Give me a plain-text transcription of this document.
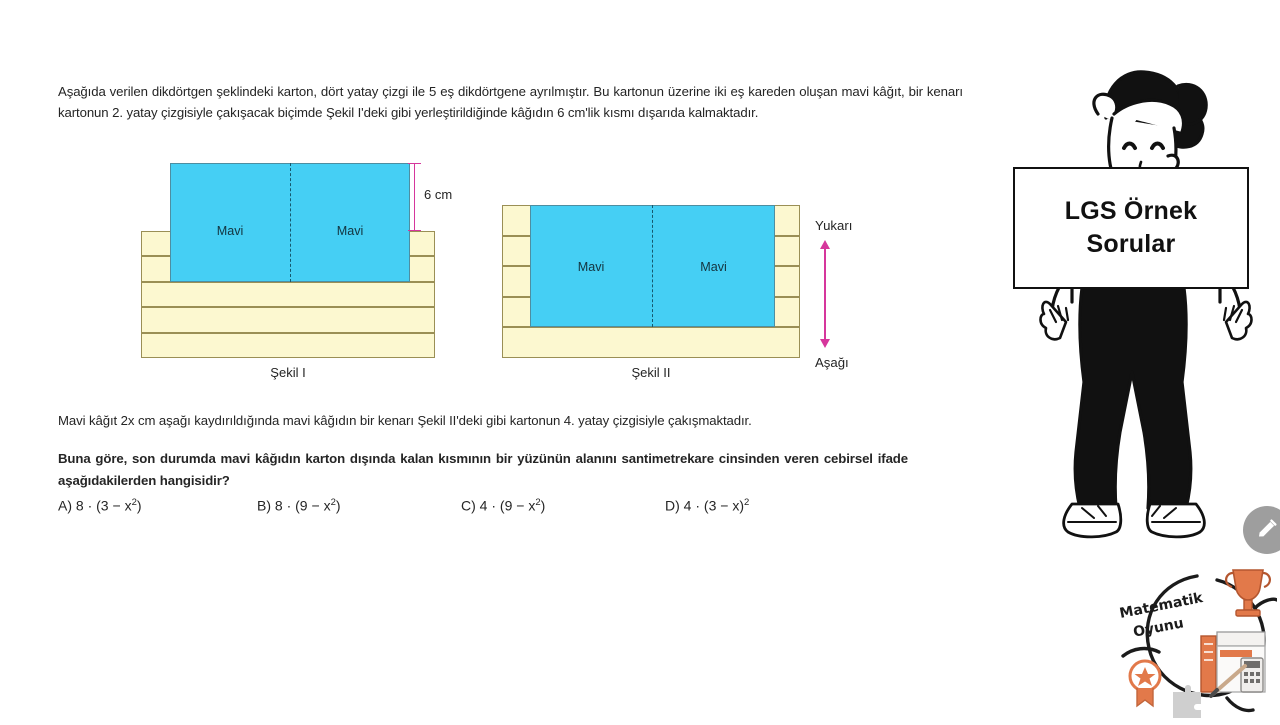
Aşağıda verilen dikdörtgen şeklindeki karton, dört yatay çizgi ile 5 eş dikdörtgene ayrılmıştır. Bu kartonun üzerine iki eş kareden oluşan mavi kâğıt, bir kenarı kartonun 2. yatay çizgisiyle çakışacak biçimde Şekil I'deki gibi yerleştirildiğinde kâğıdın 6 cm'lik kısmı dışarıda kalmaktadır.

Mavi	Mavi
6 cm
Şekil I
Mavi	Mavi
Yukarı
Aşağı
Şekil II

Mavi kâğıt 2x cm aşağı kaydırıldığında mavi kâğıdın bir kenarı Şekil II'deki gibi kartonun 4. yatay çizgisiyle çakışmaktadır.

Buna göre, son durumda mavi kâğıdın karton dışında kalan kısmının bir yüzünün alanını santimetrekare cinsinden veren cebirsel ifade aşağıdakilerden hangisidir?

A) $8 \cdot (3 - x^2)$	B) $8 \cdot (9 - x^2)$	C) $4 \cdot (9 - x^2)$	D) $4 \cdot (3 - x)^2$
LGS Örnek
Sorular
Matematik
Oyunu
